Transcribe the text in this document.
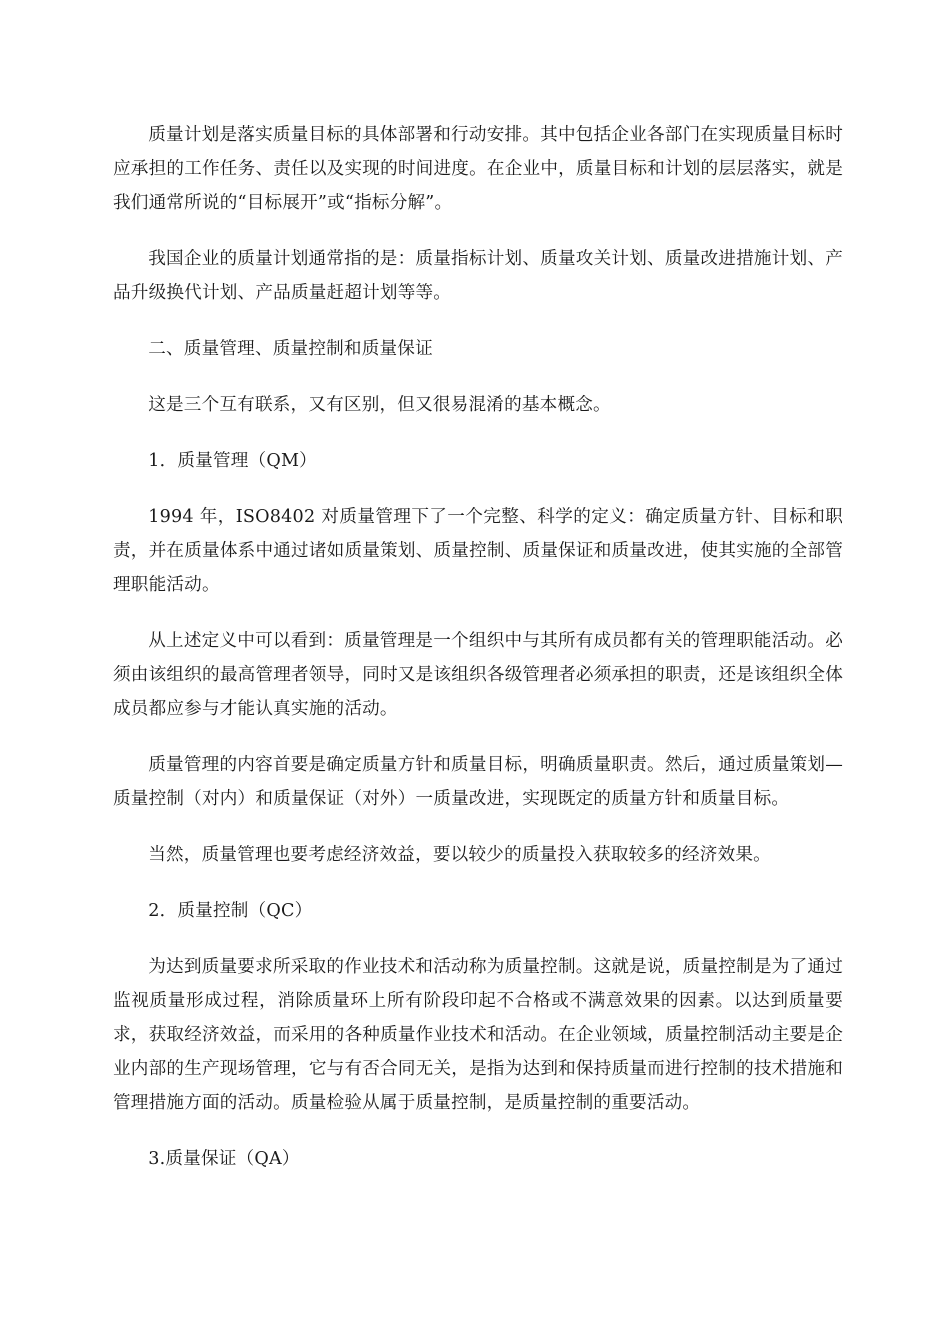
质量计划是落实质量目标的具体部署和行动安排。其中包括企业各部门在实现质量目标时应承担的工作任务、责任以及实现的时间进度。在企业中，质量目标和计划的层层落实，就是我们通常所说的“目标展开”或“指标分解”。

我国企业的质量计划通常指的是：质量指标计划、质量攻关计划、质量改进措施计划、产品升级换代计划、产品质量赶超计划等等。

二、质量管理、质量控制和质量保证

这是三个互有联系，又有区别，但又很易混淆的基本概念。

1．质量管理（QM）

1994 年，ISO8402 对质量管理下了一个完整、科学的定义：确定质量方针、目标和职责，并在质量体系中通过诸如质量策划、质量控制、质量保证和质量改进，使其实施的全部管理职能活动。

从上述定义中可以看到：质量管理是一个组织中与其所有成员都有关的管理职能活动。必须由该组织的最高管理者领导，同时又是该组织各级管理者必须承担的职责，还是该组织全体成员都应参与才能认真实施的活动。

质量管理的内容首要是确定质量方针和质量目标，明确质量职责。然后，通过质量策划—质量控制（对内）和质量保证（对外）一质量改进，实现既定的质量方针和质量目标。

当然，质量管理也要考虑经济效益，要以较少的质量投入获取较多的经济效果。

2．质量控制（QC）

为达到质量要求所采取的作业技术和活动称为质量控制。这就是说，质量控制是为了通过监视质量形成过程，消除质量环上所有阶段印起不合格或不满意效果的因素。以达到质量要求，获取经济效益，而采用的各种质量作业技术和活动。在企业领域，质量控制活动主要是企业内部的生产现场管理，它与有否合同无关，是指为达到和保持质量而进行控制的技术措施和管理措施方面的活动。质量检验从属于质量控制，是质量控制的重要活动。

3.质量保证（QA）
